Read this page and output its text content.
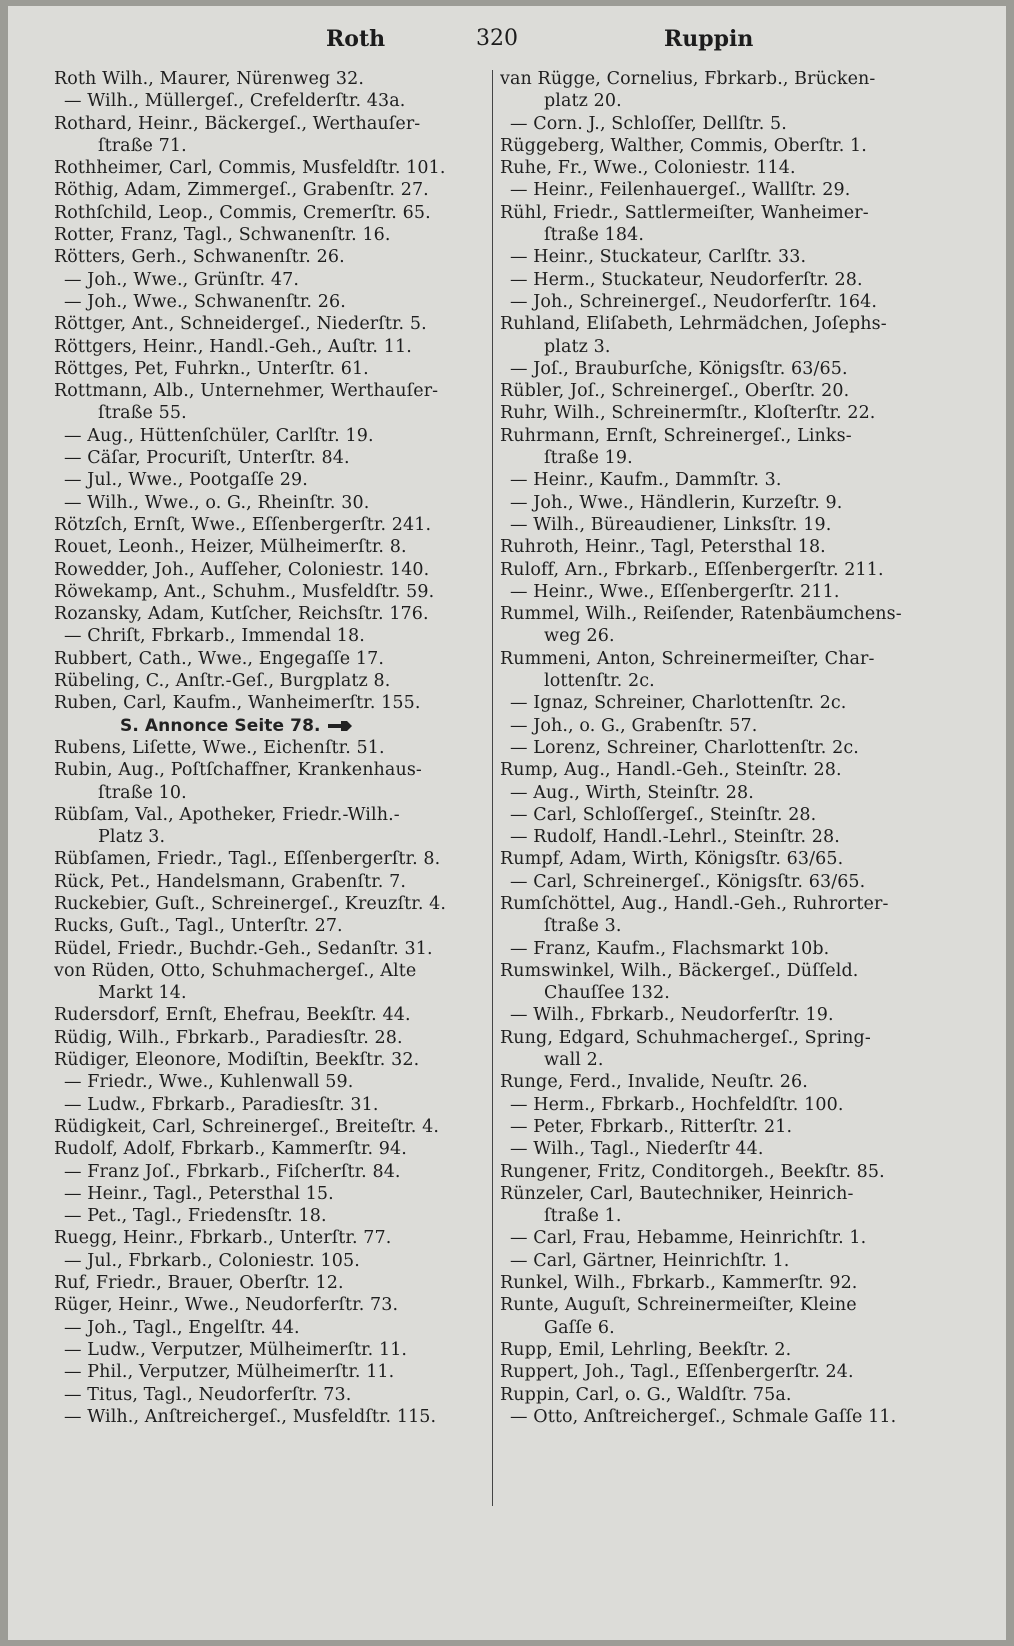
Roth	320	Ruppin
Roth Wilh., Maurer, Nürenweg 32.
— Wilh., Müllergeſ., Crefelderſtr. 43a.
Rothard, Heinr., Bäckergeſ., Werthauſer-
ſtraße 71.
Rothheimer, Carl, Commis, Musfeldſtr. 101.
Röthig, Adam, Zimmergeſ., Grabenſtr. 27.
Rothſchild, Leop., Commis, Cremerſtr. 65.
Rotter, Franz, Tagl., Schwanenſtr. 16.
Rötters, Gerh., Schwanenſtr. 26.
— Joh., Wwe., Grünſtr. 47.
— Joh., Wwe., Schwanenſtr. 26.
Röttger, Ant., Schneidergeſ., Niederſtr. 5.
Röttgers, Heinr., Handl.-Geh., Auſtr. 11.
Röttges, Pet, Fuhrkn., Unterſtr. 61.
Rottmann, Alb., Unternehmer, Werthauſer-
ſtraße 55.
— Aug., Hüttenſchüler, Carlſtr. 19.
— Cäſar, Procuriſt, Unterſtr. 84.
— Jul., Wwe., Pootgaſſe 29.
— Wilh., Wwe., o. G., Rheinſtr. 30.
Rötzſch, Ernſt, Wwe., Eſſenbergerſtr. 241.
Rouet, Leonh., Heizer, Mülheimerſtr. 8.
Rowedder, Joh., Aufſeher, Coloniestr. 140.
Röwekamp, Ant., Schuhm., Musfeldſtr. 59.
Rozansky, Adam, Kutſcher, Reichsſtr. 176.
— Chriſt, Fbrkarb., Immendal 18.
Rubbert, Cath., Wwe., Engegaſſe 17.
Rübeling, C., Anſtr.-Geſ., Burgplatz 8.
Ruben, Carl, Kaufm., Wanheimerſtr. 155.
S. Annonce Seite 78.
Rubens, Liſette, Wwe., Eichenſtr. 51.
Rubin, Aug., Poſtſchaffner, Krankenhaus-
ſtraße 10.
Rübſam, Val., Apotheker, Friedr.-Wilh.-
Platz 3.
Rübſamen, Friedr., Tagl., Eſſenbergerſtr. 8.
Rück, Pet., Handelsmann, Grabenſtr. 7.
Ruckebier, Guſt., Schreinergeſ., Kreuzſtr. 4.
Rucks, Guſt., Tagl., Unterſtr. 27.
Rüdel, Friedr., Buchdr.-Geh., Sedanſtr. 31.
von Rüden, Otto, Schuhmachergeſ., Alte
Markt 14.
Rudersdorf, Ernſt, Ehefrau, Beekſtr. 44.
Rüdig, Wilh., Fbrkarb., Paradiesſtr. 28.
Rüdiger, Eleonore, Modiſtin, Beekſtr. 32.
— Friedr., Wwe., Kuhlenwall 59.
— Ludw., Fbrkarb., Paradiesſtr. 31.
Rüdigkeit, Carl, Schreinergeſ., Breiteſtr. 4.
Rudolf, Adolf, Fbrkarb., Kammerſtr. 94.
— Franz Joſ., Fbrkarb., Fiſcherſtr. 84.
— Heinr., Tagl., Petersthal 15.
— Pet., Tagl., Friedensſtr. 18.
Ruegg, Heinr., Fbrkarb., Unterſtr. 77.
— Jul., Fbrkarb., Coloniestr. 105.
Ruf, Friedr., Brauer, Oberſtr. 12.
Rüger, Heinr., Wwe., Neudorferſtr. 73.
— Joh., Tagl., Engelſtr. 44.
— Ludw., Verputzer, Mülheimerſtr. 11.
— Phil., Verputzer, Mülheimerſtr. 11.
— Titus, Tagl., Neudorferſtr. 73.
— Wilh., Anſtreichergeſ., Musfeldſtr. 115.
van Rügge, Cornelius, Fbrkarb., Brücken-
platz 20.
— Corn. J., Schloſſer, Dellſtr. 5.
Rüggeberg, Walther, Commis, Oberſtr. 1.
Ruhe, Fr., Wwe., Coloniestr. 114.
— Heinr., Feilenhauergeſ., Wallſtr. 29.
Rühl, Friedr., Sattlermeiſter, Wanheimer-
ſtraße 184.
— Heinr., Stuckateur, Carlſtr. 33.
— Herm., Stuckateur, Neudorferſtr. 28.
— Joh., Schreinergeſ., Neudorferſtr. 164.
Ruhland, Eliſabeth, Lehrmädchen, Joſephs-
platz 3.
— Joſ., Brauburſche, Königsſtr. 63/65.
Rübler, Joſ., Schreinergeſ., Oberſtr. 20.
Ruhr, Wilh., Schreinermſtr., Kloſterſtr. 22.
Ruhrmann, Ernſt, Schreinergeſ., Links-
ſtraße 19.
— Heinr., Kaufm., Dammſtr. 3.
— Joh., Wwe., Händlerin, Kurzeſtr. 9.
— Wilh., Büreaudiener, Linksſtr. 19.
Ruhroth, Heinr., Tagl, Petersthal 18.
Ruloff, Arn., Fbrkarb., Eſſenbergerſtr. 211.
— Heinr., Wwe., Eſſenbergerſtr. 211.
Rummel, Wilh., Reiſender, Ratenbäumchens-
weg 26.
Rummeni, Anton, Schreinermeiſter, Char-
lottenſtr. 2c.
— Ignaz, Schreiner, Charlottenſtr. 2c.
— Joh., o. G., Grabenſtr. 57.
— Lorenz, Schreiner, Charlottenſtr. 2c.
Rump, Aug., Handl.-Geh., Steinſtr. 28.
— Aug., Wirth, Steinſtr. 28.
— Carl, Schloſſergeſ., Steinſtr. 28.
— Rudolf, Handl.-Lehrl., Steinſtr. 28.
Rumpf, Adam, Wirth, Königsſtr. 63/65.
— Carl, Schreinergeſ., Königsſtr. 63/65.
Rumſchöttel, Aug., Handl.-Geh., Ruhrorter-
ſtraße 3.
— Franz, Kaufm., Flachsmarkt 10b.
Rumswinkel, Wilh., Bäckergeſ., Düſſeld.
Chauſſee 132.
— Wilh., Fbrkarb., Neudorferſtr. 19.
Rung, Edgard, Schuhmachergeſ., Spring-
wall 2.
Runge, Ferd., Invalide, Neuſtr. 26.
— Herm., Fbrkarb., Hochfeldſtr. 100.
— Peter, Fbrkarb., Ritterſtr. 21.
— Wilh., Tagl., Niederſtr 44.
Rungener, Fritz, Conditorgeh., Beekſtr. 85.
Rünzeler, Carl, Bautechniker, Heinrich-
ſtraße 1.
— Carl, Frau, Hebamme, Heinrichſtr. 1.
— Carl, Gärtner, Heinrichſtr. 1.
Runkel, Wilh., Fbrkarb., Kammerſtr. 92.
Runte, Auguſt, Schreinermeiſter, Kleine
Gaſſe 6.
Rupp, Emil, Lehrling, Beekſtr. 2.
Ruppert, Joh., Tagl., Eſſenbergerſtr. 24.
Ruppin, Carl, o. G., Waldſtr. 75a.
— Otto, Anſtreichergeſ., Schmale Gaſſe 11.
